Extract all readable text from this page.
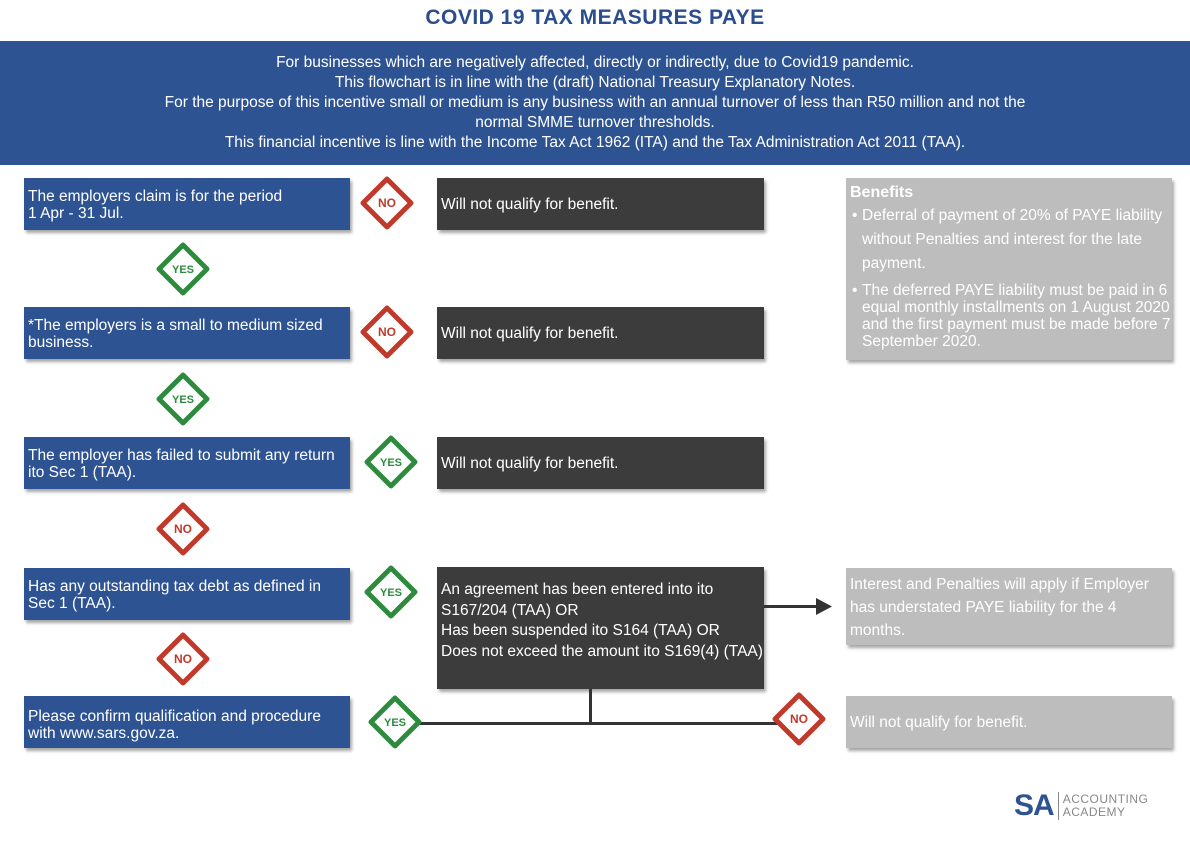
COVID 19 TAX MEASURES PAYE
For businesses which are negatively affected, directly or indirectly, due to Covid19 pandemic.
This flowchart is in line with the (draft) National Treasury Explanatory Notes.
For the purpose of this incentive small or medium is any business with an annual turnover of less than R50 million and not the
normal SMME turnover thresholds.
This financial incentive is line with the Income Tax Act 1962 (ITA) and the Tax Administration Act 2011 (TAA).
The employers claim is for the period
1 Apr - 31 Jul.
NO	Will not qualify for benefit.
YES
*The employers is a small to medium sized business.
NO	Will not qualify for benefit.
YES
The employer has failed to submit any return ito Sec 1 (TAA).
YES	Will not qualify for benefit.
NO
Has any outstanding tax debt as defined in Sec 1 (TAA).
YES	An agreement has been entered into ito S167/204 (TAA) OR
Has been suspended ito S164 (TAA) OR
Does not exceed the amount ito S169(4) (TAA)
Interest and Penalties will apply if Employer has understated PAYE liability for the 4 months.
NO
Please confirm qualification and procedure with www.sars.gov.za.
YES	NO	Will not qualify for benefit.
Benefits
• Deferral of payment of 20% of PAYE liability without Penalties and interest for the late payment.
• The deferred PAYE liability must be paid in 6 equal monthly installments on 1 August 2020 and the first payment must be made before 7 September 2020.
SA ACCOUNTING
ACADEMY
